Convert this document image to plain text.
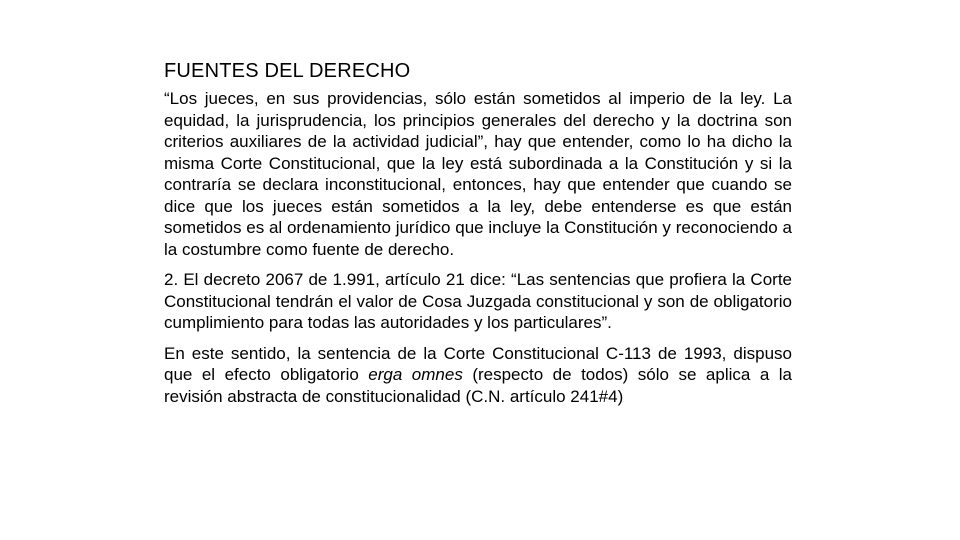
FUENTES DEL DERECHO

“Los jueces, en sus providencias, sólo están sometidos al imperio de la ley. La equidad, la jurisprudencia, los principios generales del derecho y la doctrina son criterios auxiliares de la actividad judicial”, hay que entender, como lo ha dicho la misma Corte Constitucional, que la ley está subordinada a la Constitución y si la contraría se declara inconstitucional, entonces, hay que entender que cuando se dice que los jueces están sometidos a la ley, debe entenderse es que están sometidos es al ordenamiento jurídico que incluye la Constitución y reconociendo a la costumbre como fuente de derecho.

2. El decreto 2067 de 1.991, artículo 21 dice: “Las sentencias que profiera la Corte Constitucional tendrán el valor de Cosa Juzgada constitucional y son de obligatorio cumplimiento para todas las autoridades y los particulares”.

En este sentido, la sentencia de la Corte Constitucional C-113 de 1993, dispuso que el efecto obligatorio erga omnes (respecto de todos) sólo se aplica a la revisión abstracta de constitucionalidad (C.N. artículo 241#4)
